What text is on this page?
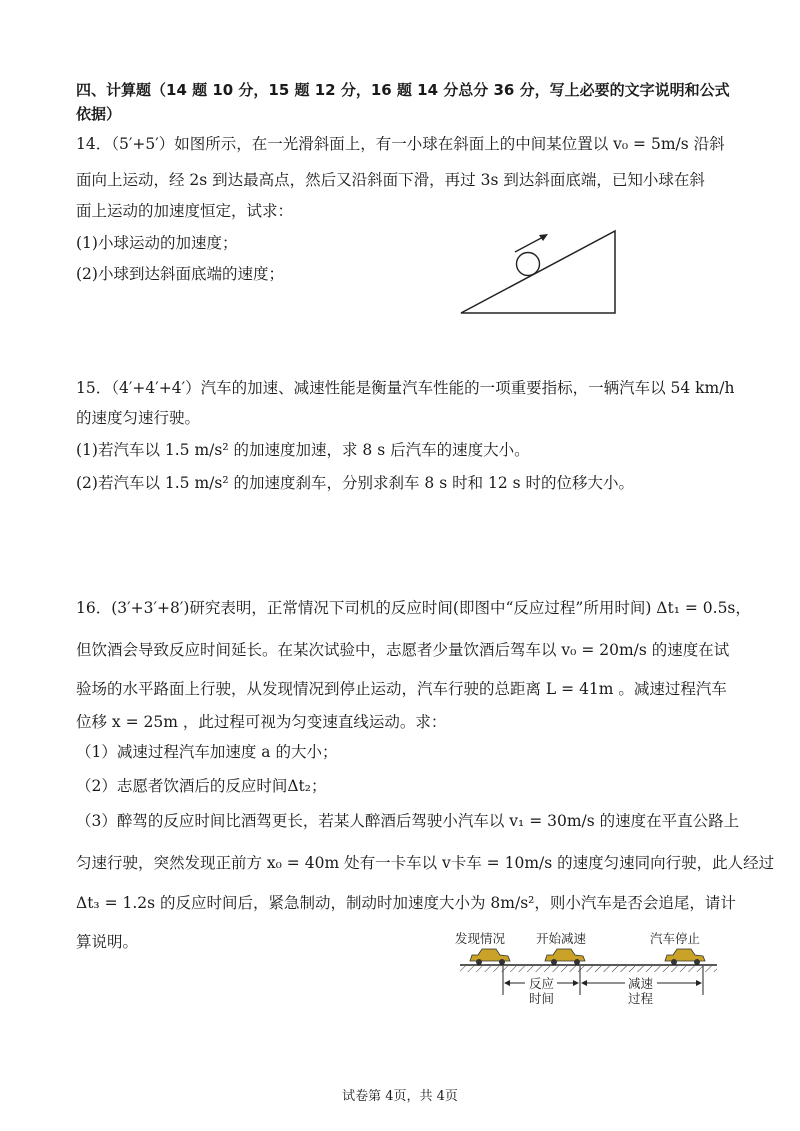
四、计算题（14 题 10 分，15 题 12 分，16 题 14 分总分 36 分，写上必要的文字说明和公式
依据）
14．（5′+5′）如图所示，在一光滑斜面上，有一小球在斜面上的中间某位置以 v₀ = 5m/s 沿斜
面向上运动，经 2s 到达最高点，然后又沿斜面下滑，再过 3s 到达斜面底端，已知小球在斜
面上运动的加速度恒定，试求：
(1)小球运动的加速度；
(2)小球到达斜面底端的速度；
15．（4′+4′+4′）汽车的加速、减速性能是衡量汽车性能的一项重要指标，一辆汽车以 54 km/h
的速度匀速行驶。
(1)若汽车以 1.5 m/s² 的加速度加速，求 8 s 后汽车的速度大小。
(2)若汽车以 1.5 m/s² 的加速度刹车，分别求刹车 8 s 时和 12 s 时的位移大小。
16．(3′+3′+8′)研究表明，正常情况下司机的反应时间(即图中“反应过程”所用时间) Δt₁ = 0.5s，
但饮酒会导致反应时间延长。在某次试验中，志愿者少量饮酒后驾车以 v₀ = 20m/s 的速度在试
验场的水平路面上行驶，从发现情况到停止运动，汽车行驶的总距离 L = 41m 。减速过程汽车
位移 x = 25m ，此过程可视为匀变速直线运动。求：
（1）减速过程汽车加速度 a 的大小；
（2）志愿者饮酒后的反应时间Δt₂；
（3）醉驾的反应时间比酒驾更长，若某人醉酒后驾驶小汽车以 v₁ = 30m/s 的速度在平直公路上
匀速行驶，突然发现正前方 x₀ = 40m 处有一卡车以 v卡车 = 10m/s 的速度匀速同向行驶，此人经过
Δt₃ = 1.2s 的反应时间后，紧急制动，制动时加速度大小为 8m/s²，则小汽车是否会追尾，请计
算说明。	发现情况 开始减速	汽车停止
反应
时间
减速
过程
试卷第 4页，共 4页
